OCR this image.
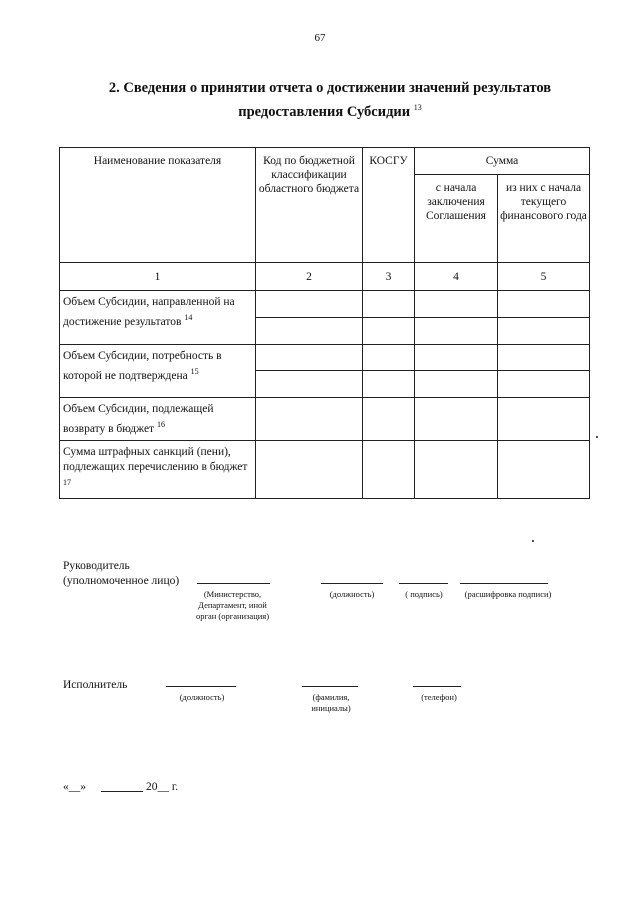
67
2. Сведения о принятии отчета о достижении значений результатов
предоставления Субсидии $^{13}$
Наименование показателя	Код по бюджетной классификации областного бюджета	КОСГУ	Сумма	
			с начала заключения Соглашения	из них с начала текущего финансового года
1	2	3	4	5
Объем Субсидии, направленной на достижение результатов $^{14}$				

Объем Субсидии, потребность в которой не подтверждена $^{15}$				

Объем Субсидии, подлежащей возврату в бюджет $^{16}$				
Сумма штрафных санкций (пени), подлежащих перечислению в бюджет $^{17}$				
Руководитель
(уполномоченное лицо)
(Министерство, Департамент, иной орган (организация)
(должность)	( подпись)	(расшифровка подписи)
Исполнитель
(должность)	(фамилия, инициалы)
(телефон)
«__»	20__ г.
